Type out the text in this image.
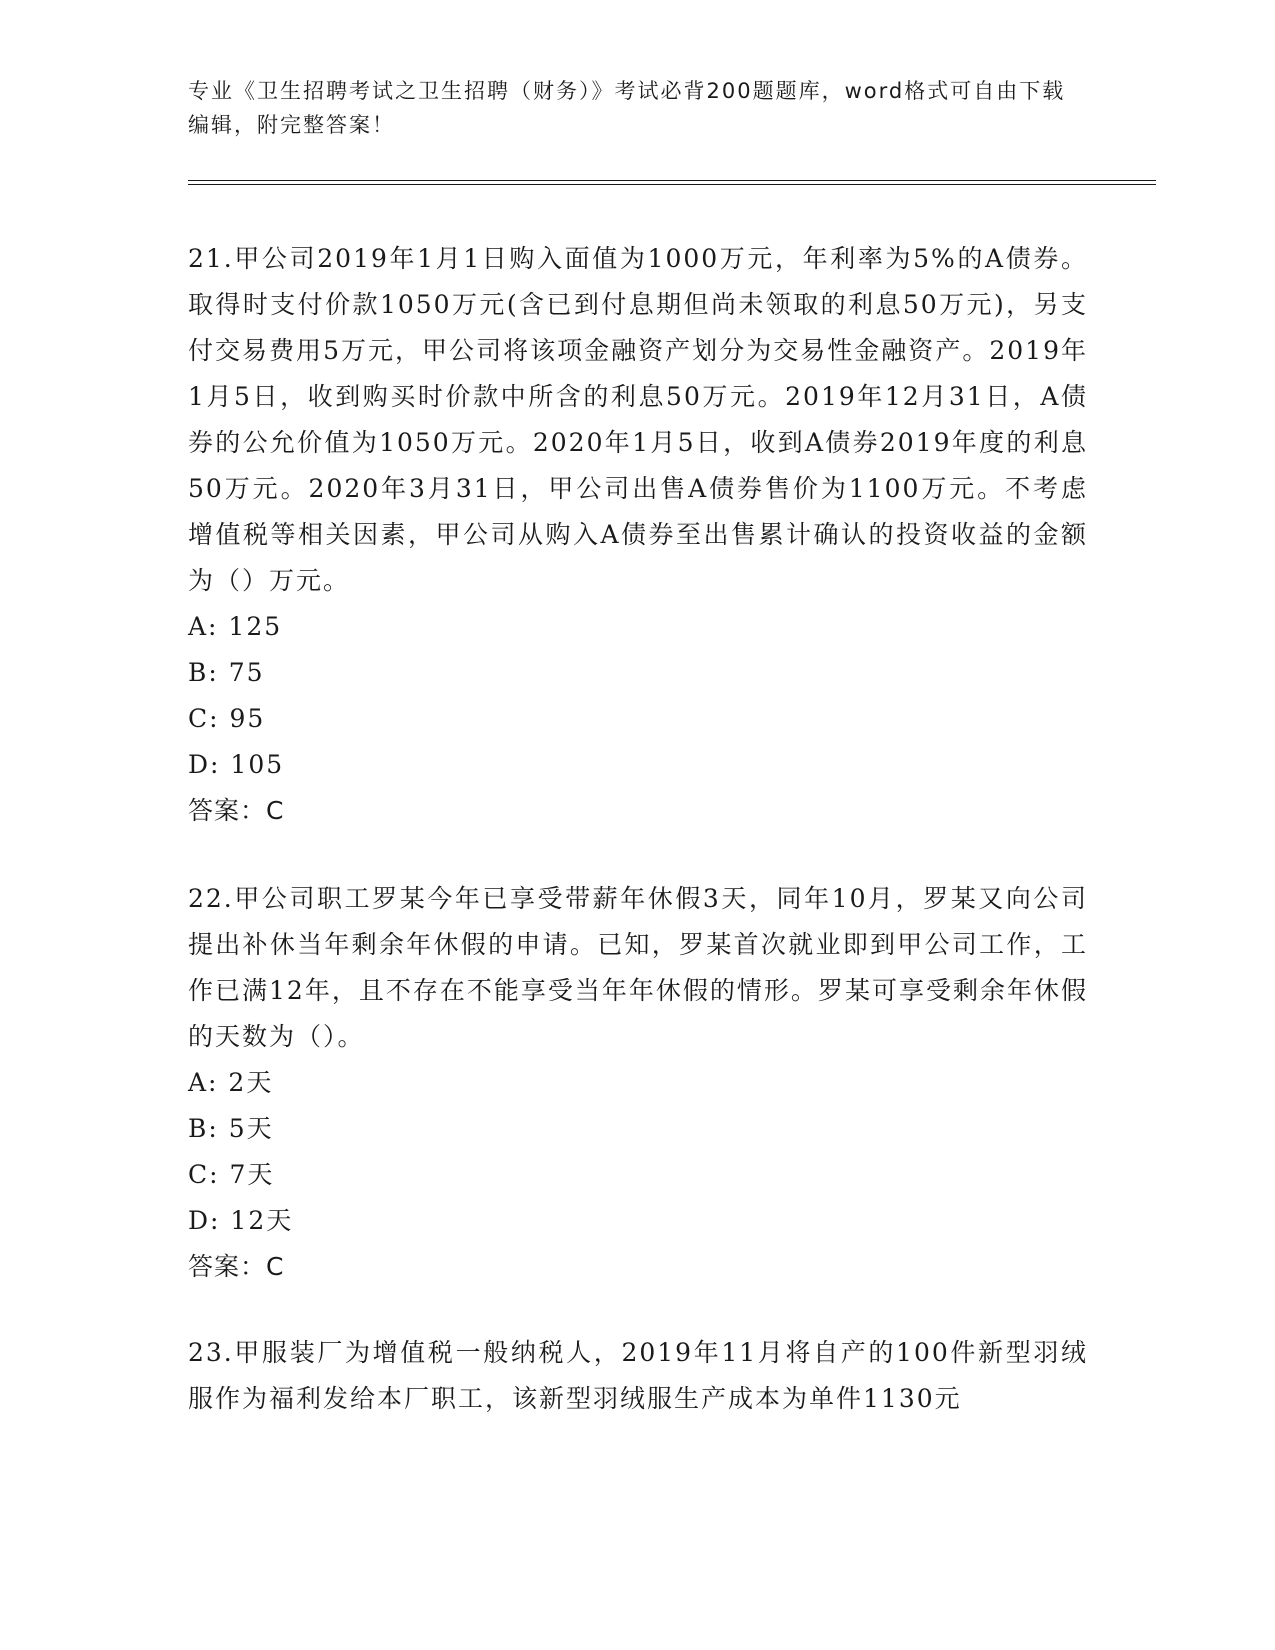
专业《卫生招聘考试之卫生招聘（财务）》考试必背200题题库，word格式可自由下载编辑，附完整答案！

21.甲公司2019年1月1日购入面值为1000万元，年利率为5%的A债券。取得时支付价款1050万元(含已到付息期但尚未领取的利息50万元)，另支付交易费用5万元，甲公司将该项金融资产划分为交易性金融资产。2019年1月5日，收到购买时价款中所含的利息50万元。2019年12月31日，A债券的公允价值为1050万元。2020年1月5日，收到A债券2019年度的利息50万元。2020年3月31日，甲公司出售A债券售价为1100万元。不考虑增值税等相关因素，甲公司从购入A债券至出售累计确认的投资收益的金额为（）万元。

A: 125

B: 75

C: 95

D: 105

答案：C

22.甲公司职工罗某今年已享受带薪年休假3天，同年10月，罗某又向公司提出补休当年剩余年休假的申请。已知，罗某首次就业即到甲公司工作，工作已满12年，且不存在不能享受当年年休假的情形。罗某可享受剩余年休假的天数为（）。

A: 2天

B: 5天

C: 7天

D: 12天

答案：C

23.甲服装厂为增值税一般纳税人，2019年11月将自产的100件新型羽绒服作为福利发给本厂职工，该新型羽绒服生产成本为单件1130元
